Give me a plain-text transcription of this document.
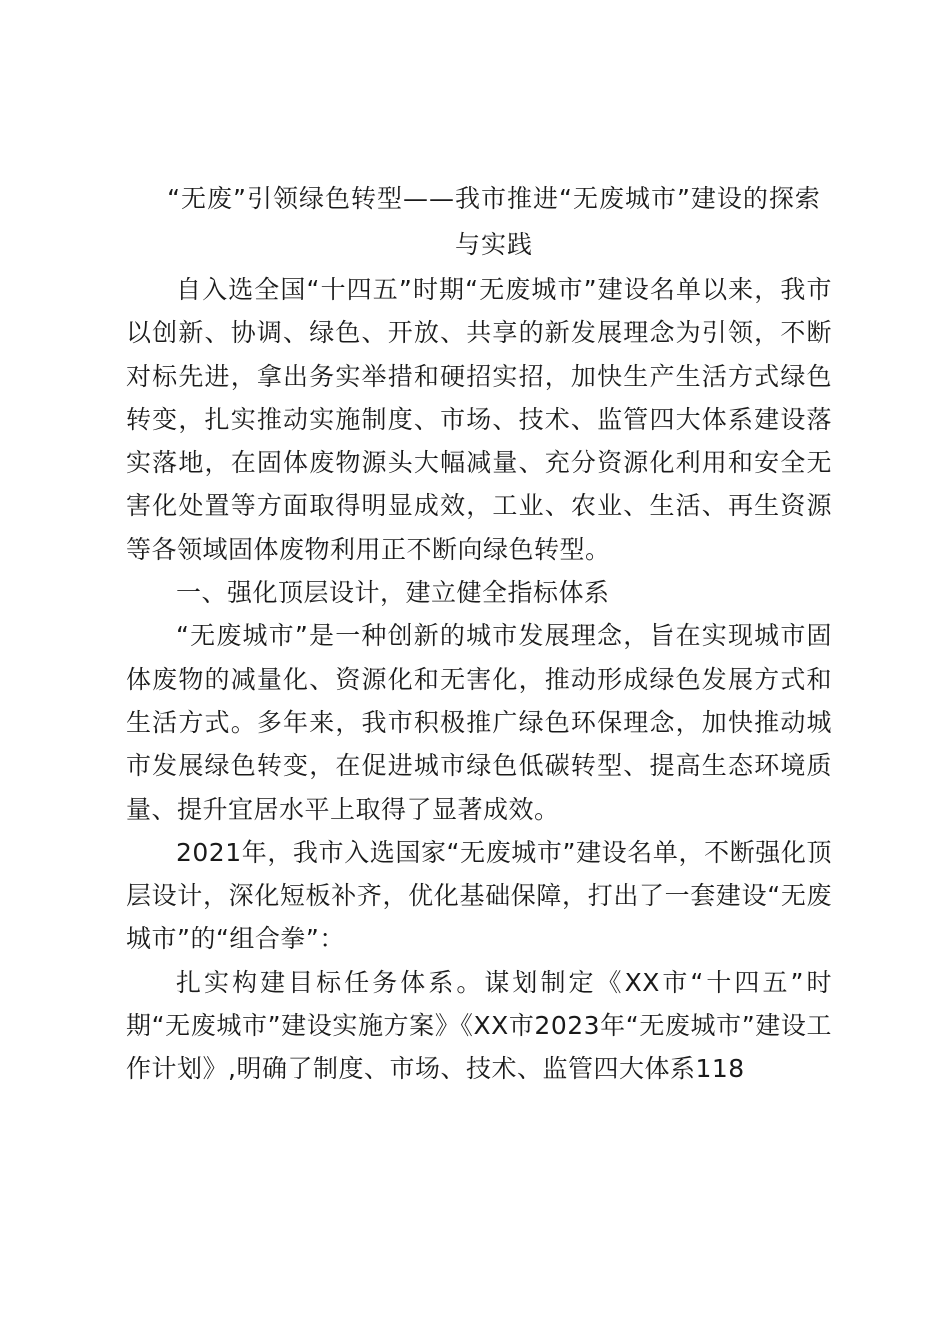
“无废”引领绿色转型——我市推进“无废城市”建设的探索与实践

自入选全国“十四五”时期“无废城市”建设名单以来，我市以创新、协调、绿色、开放、共享的新发展理念为引领，不断对标先进，拿出务实举措和硬招实招，加快生产生活方式绿色转变，扎实推动实施制度、市场、技术、监管四大体系建设落实落地，在固体废物源头大幅减量、充分资源化利用和安全无害化处置等方面取得明显成效，工业、农业、生活、再生资源等各领域固体废物利用正不断向绿色转型。

一、强化顶层设计，建立健全指标体系

“无废城市”是一种创新的城市发展理念，旨在实现城市固体废物的减量化、资源化和无害化，推动形成绿色发展方式和生活方式。多年来，我市积极推广绿色环保理念，加快推动城市发展绿色转变，在促进城市绿色低碳转型、提高生态环境质量、提升宜居水平上取得了显著成效。

2021年，我市入选国家“无废城市”建设名单，不断强化顶层设计，深化短板补齐，优化基础保障，打出了一套建设“无废城市”的“组合拳”：

扎实构建目标任务体系。谋划制定《XX市“十四五”时期“无废城市”建设实施方案》《XX市2023年“无废城市”建设工作计划》,明确了制度、市场、技术、监管四大体系118
